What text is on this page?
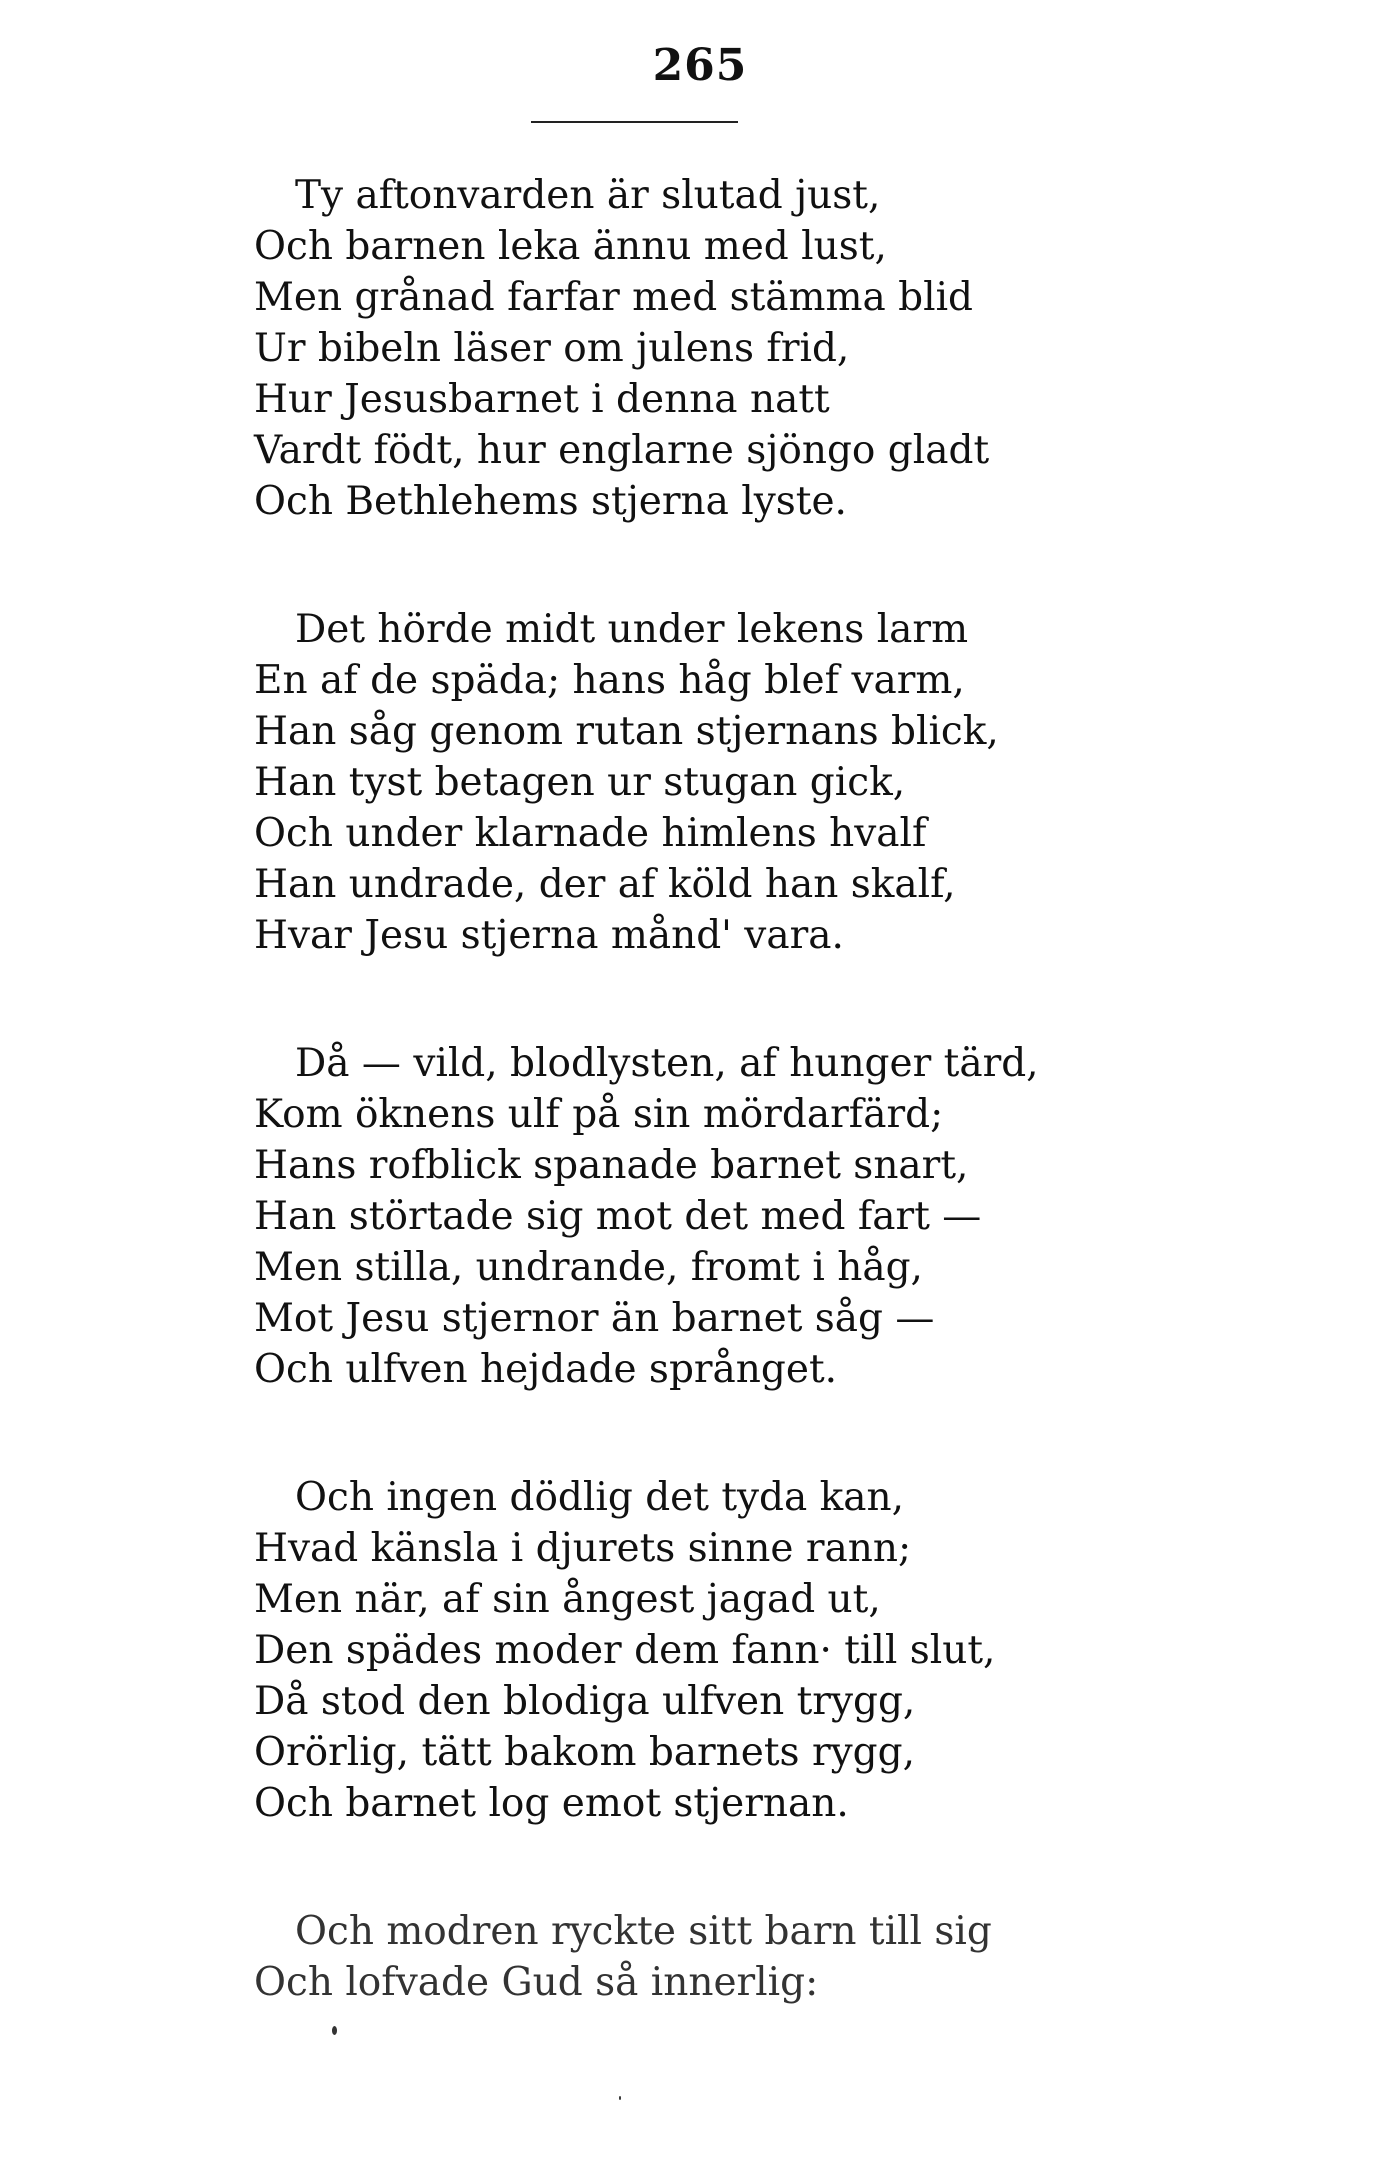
265
Ty aftonvarden är slutad just,
Och barnen leka ännu med lust,
Men grånad farfar med stämma blid
Ur bibeln läser om julens frid,
Hur Jesusbarnet i denna natt
Vardt födt, hur englarne sjöngo gladt
Och Bethlehems stjerna lyste.
Det hörde midt under lekens larm
En af de späda; hans håg blef varm,
Han såg genom rutan stjernans blick,
Han tyst betagen ur stugan gick,
Och under klarnade himlens hvalf
Han undrade, der af köld han skalf,
Hvar Jesu stjerna månd' vara.
Då — vild, blodlysten, af hunger tärd,
Kom öknens ulf på sin mördarfärd;
Hans rofblick spanade barnet snart,
Han störtade sig mot det med fart —
Men stilla, undrande, fromt i håg,
Mot Jesu stjernor än barnet såg —
Och ulfven hejdade språnget.
Och ingen dödlig det tyda kan,
Hvad känsla i djurets sinne rann;
Men när, af sin ångest jagad ut,
Den spädes moder dem fann· till slut,
Då stod den blodiga ulfven trygg,
Orörlig, tätt bakom barnets rygg,
Och barnet log emot stjernan.
Och modren ryckte sitt barn till sig
Och lofvade Gud så innerlig:
